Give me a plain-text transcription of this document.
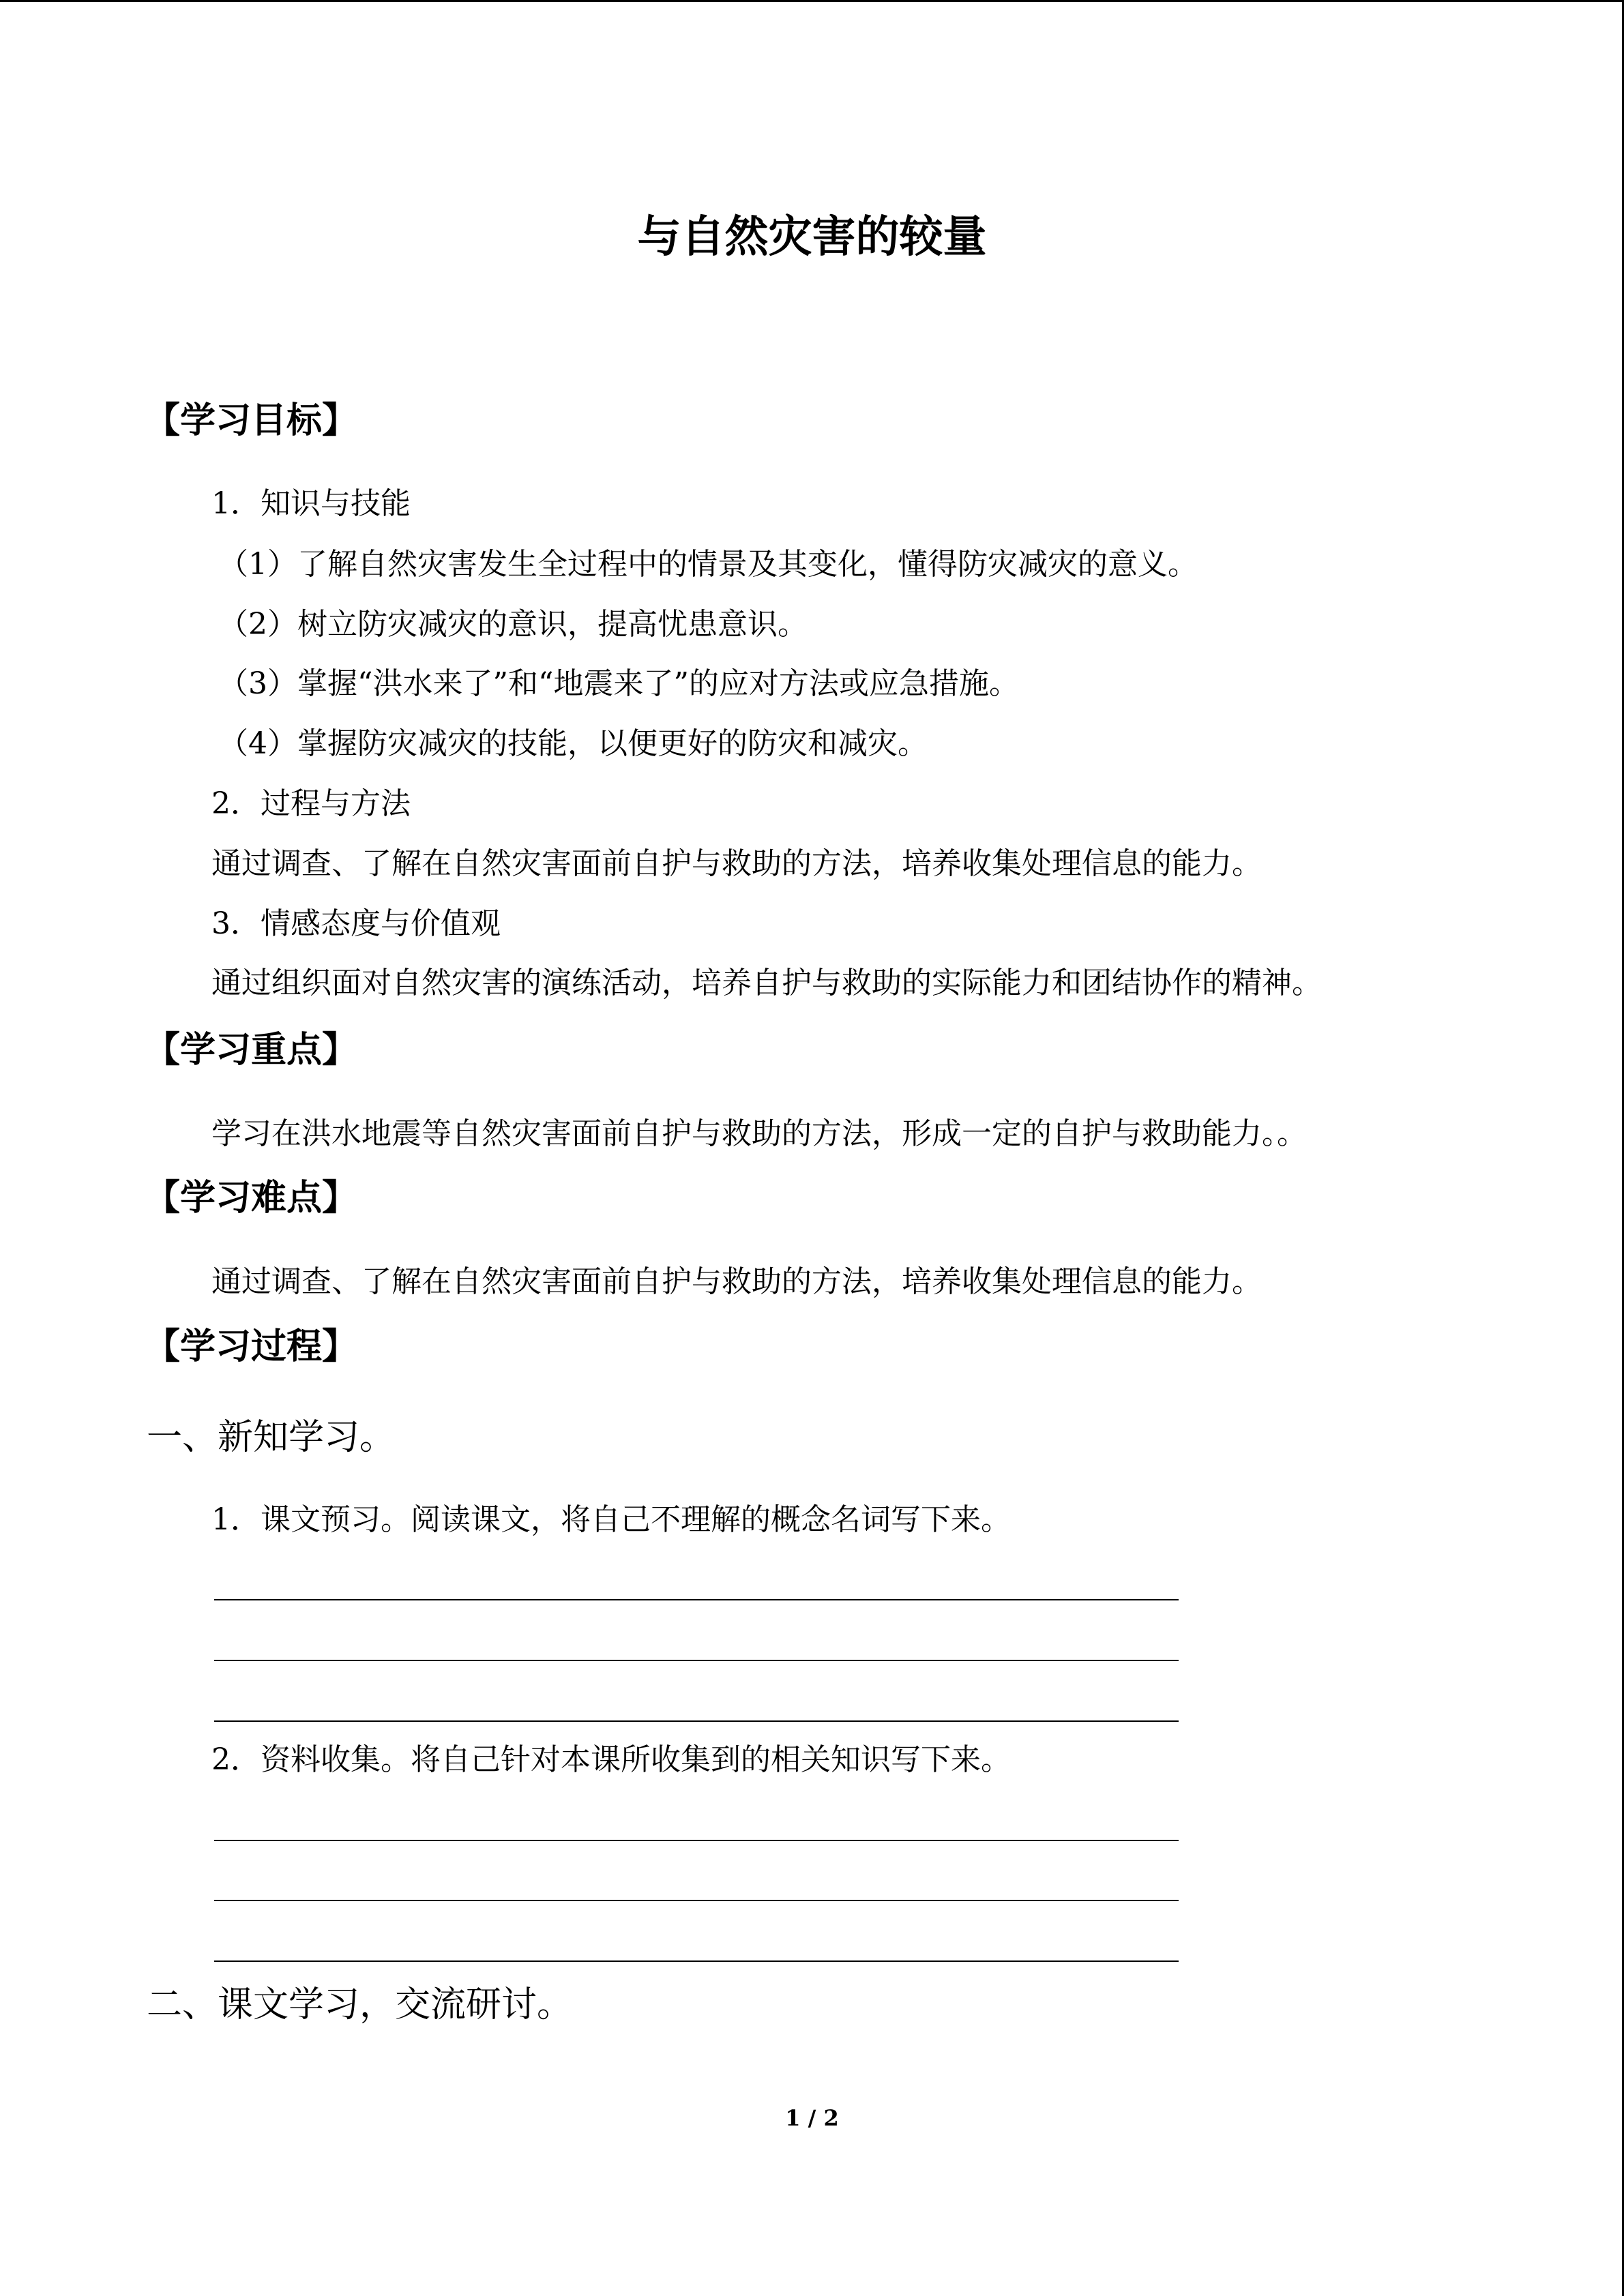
与自然灾害的较量
【学习目标】
1．知识与技能
（1）了解自然灾害发生全过程中的情景及其变化，懂得防灾减灾的意义。
（2）树立防灾减灾的意识，提高忧患意识。
（3）掌握“洪水来了”和“地震来了”的应对方法或应急措施。
（4）掌握防灾减灾的技能，以便更好的防灾和减灾。
2．过程与方法
通过调查、了解在自然灾害面前自护与救助的方法，培养收集处理信息的能力。
3．情感态度与价值观
通过组织面对自然灾害的演练活动，培养自护与救助的实际能力和团结协作的精神。
【学习重点】
学习在洪水地震等自然灾害面前自护与救助的方法，形成一定的自护与救助能力。。
【学习难点】
通过调查、了解在自然灾害面前自护与救助的方法，培养收集处理信息的能力。
【学习过程】
一、新知学习。
1．课文预习。阅读课文，将自己不理解的概念名词写下来。
2．资料收集。将自己针对本课所收集到的相关知识写下来。
二、课文学习，交流研讨。
1 / 2
